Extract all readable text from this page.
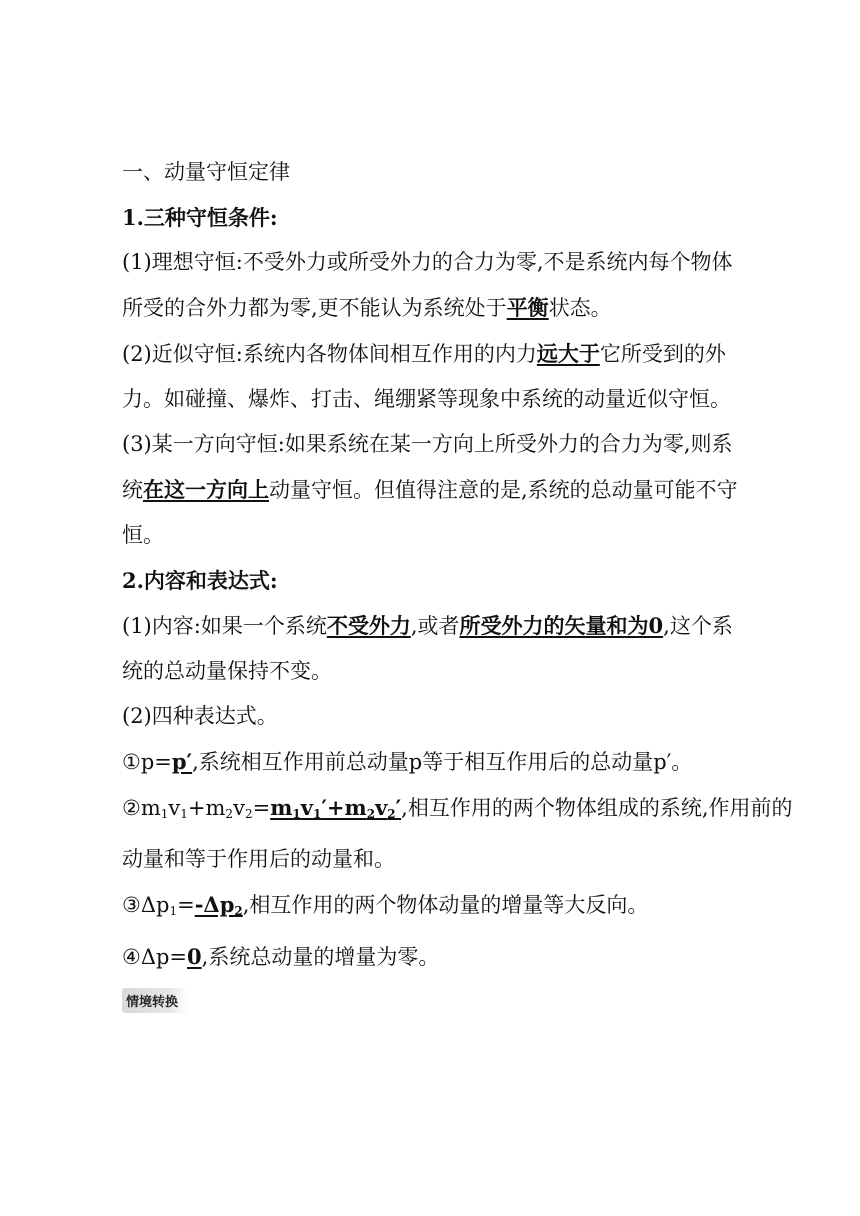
一、动量守恒定律
1.三种守恒条件:
(1)理想守恒:不受外力或所受外力的合力为零,不是系统内每个物体
所受的合外力都为零,更不能认为系统处于平衡状态。
(2)近似守恒:系统内各物体间相互作用的内力远大于它所受到的外
力。如碰撞、爆炸、打击、绳绷紧等现象中系统的动量近似守恒。
(3)某一方向守恒:如果系统在某一方向上所受外力的合力为零,则系
统在这一方向上动量守恒。但值得注意的是,系统的总动量可能不守
恒。
2.内容和表达式:
(1)内容:如果一个系统不受外力,或者所受外力的矢量和为0,这个系
统的总动量保持不变。
(2)四种表达式。
①p=p′,系统相互作用前总动量p等于相互作用后的总动量p′。
$②m_1v_1+m_2v_2=m_1v_1'+m_2v_2'$,相互作用的两个物体组成的系统,作用前的
动量和等于作用后的动量和。
$③\Delta p_1=-\Delta p_2$,相互作用的两个物体动量的增量等大反向。
④Δp=0,系统总动量的增量为零。
情境转换
